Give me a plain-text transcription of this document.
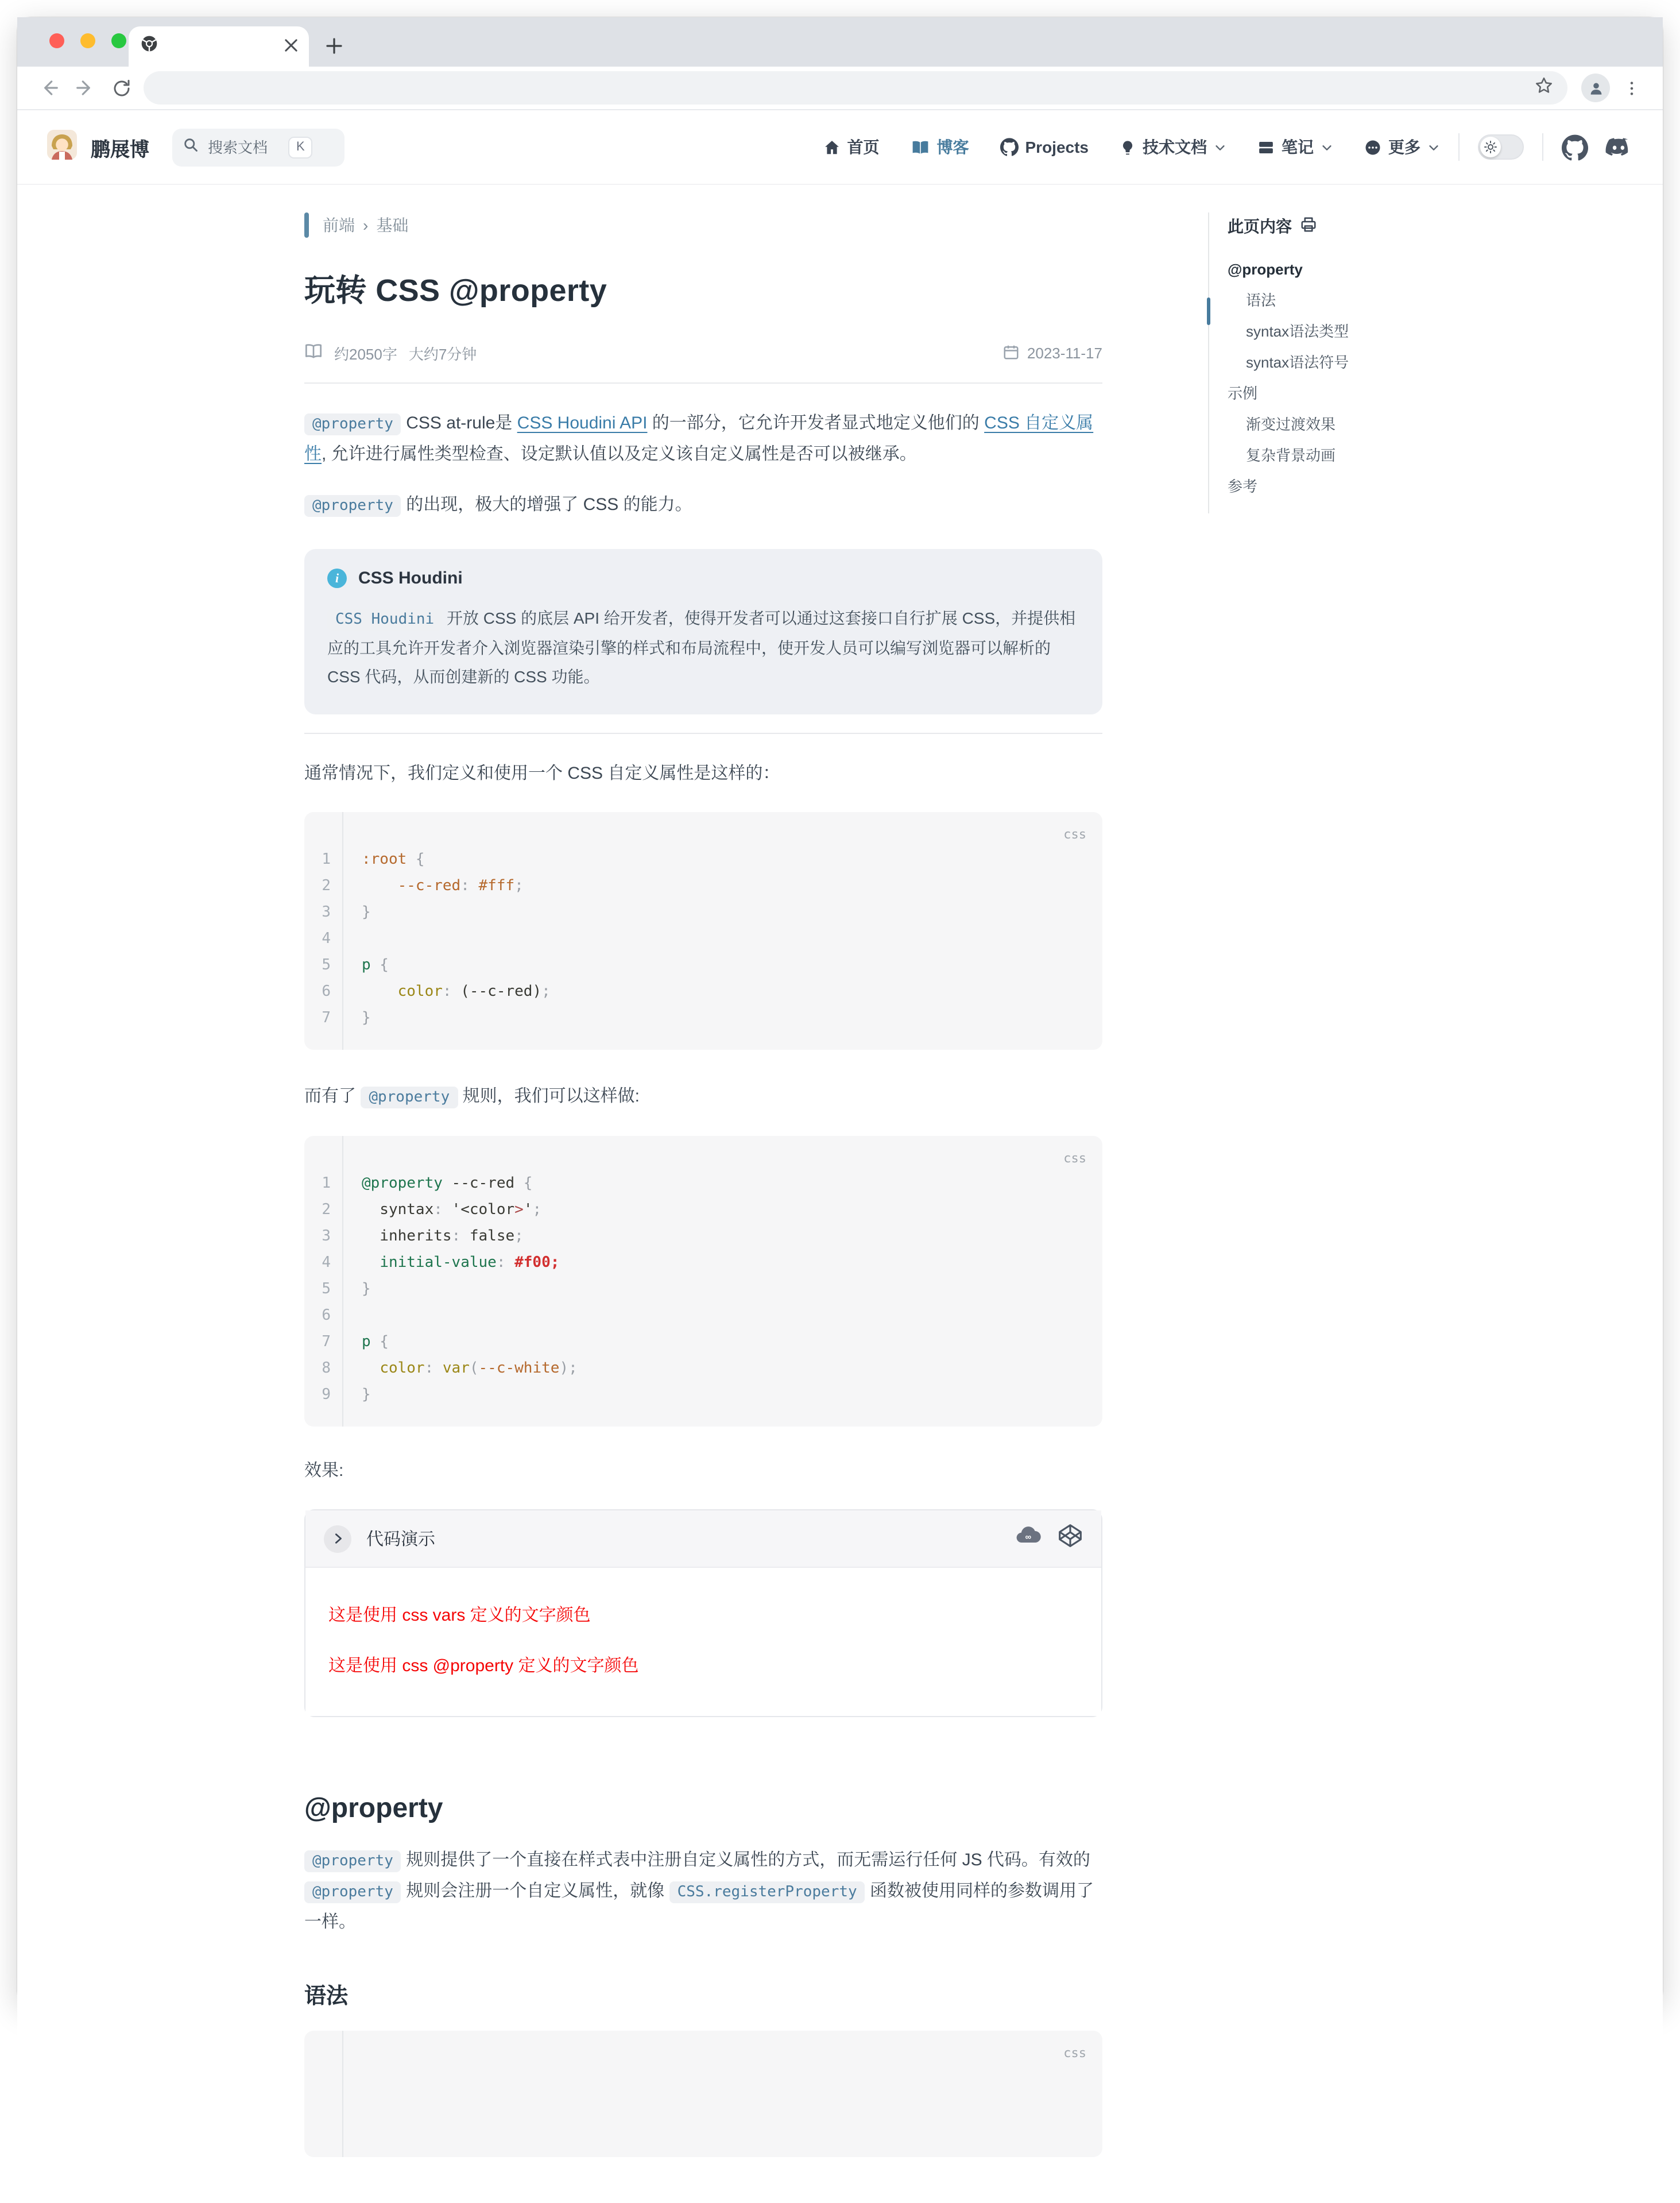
鹏展博
搜索文档	K	首页	博客	Projects	技术文档	笔记	更多
前端 › 基础
玩转 CSS @property
约2050字 大约7分钟	2023-11-17

@property CSS at-rule是 CSS Houdini API 的一部分，它允许开发者显式地定义他们的 CSS 自定义属性, 允许进行属性类型检查、设定默认值以及定义该自定义属性是否可以被继承。

@property 的出现，极大的增强了 CSS 的能力。

i	CSS Houdini
CSS Houdini 开放 CSS 的底层 API 给开发者，使得开发者可以通过这套接口自行扩展 CSS，并提供相应的工具允许开发者介入浏览器渲染引擎的样式和布局流程中，使开发人员可以编写浏览器可以解析的 CSS 代码，从而创建新的 CSS 功能。

通常情况下，我们定义和使用一个 CSS 自定义属性是这样的：

css
1
2
3
4
5
6
7
:root {
--c-red: #fff;
}

p {
color: (--c-red);
}

而有了 @property 规则，我们可以这样做:

css
1
2
3
4
5
6
7
8
9
@property --c-red {
syntax: '<color>';
inherits: false;
initial-value: #f00;
}

p {
color: var(--c-white);
}

效果:

代码演示	∞

这是使用 css vars 定义的文字颜色

这是使用 css @property 定义的文字颜色

@property

@property 规则提供了一个直接在样式表中注册自定义属性的方式，而无需运行任何 JS 代码。有效的 @property 规则会注册一个自定义属性，就像 CSS.registerProperty 函数被使用同样的参数调用了一样。

语法
css
此页内容
@property
语法
syntax语法类型
syntax语法符号
示例
渐变过渡效果
复杂背景动画
参考
